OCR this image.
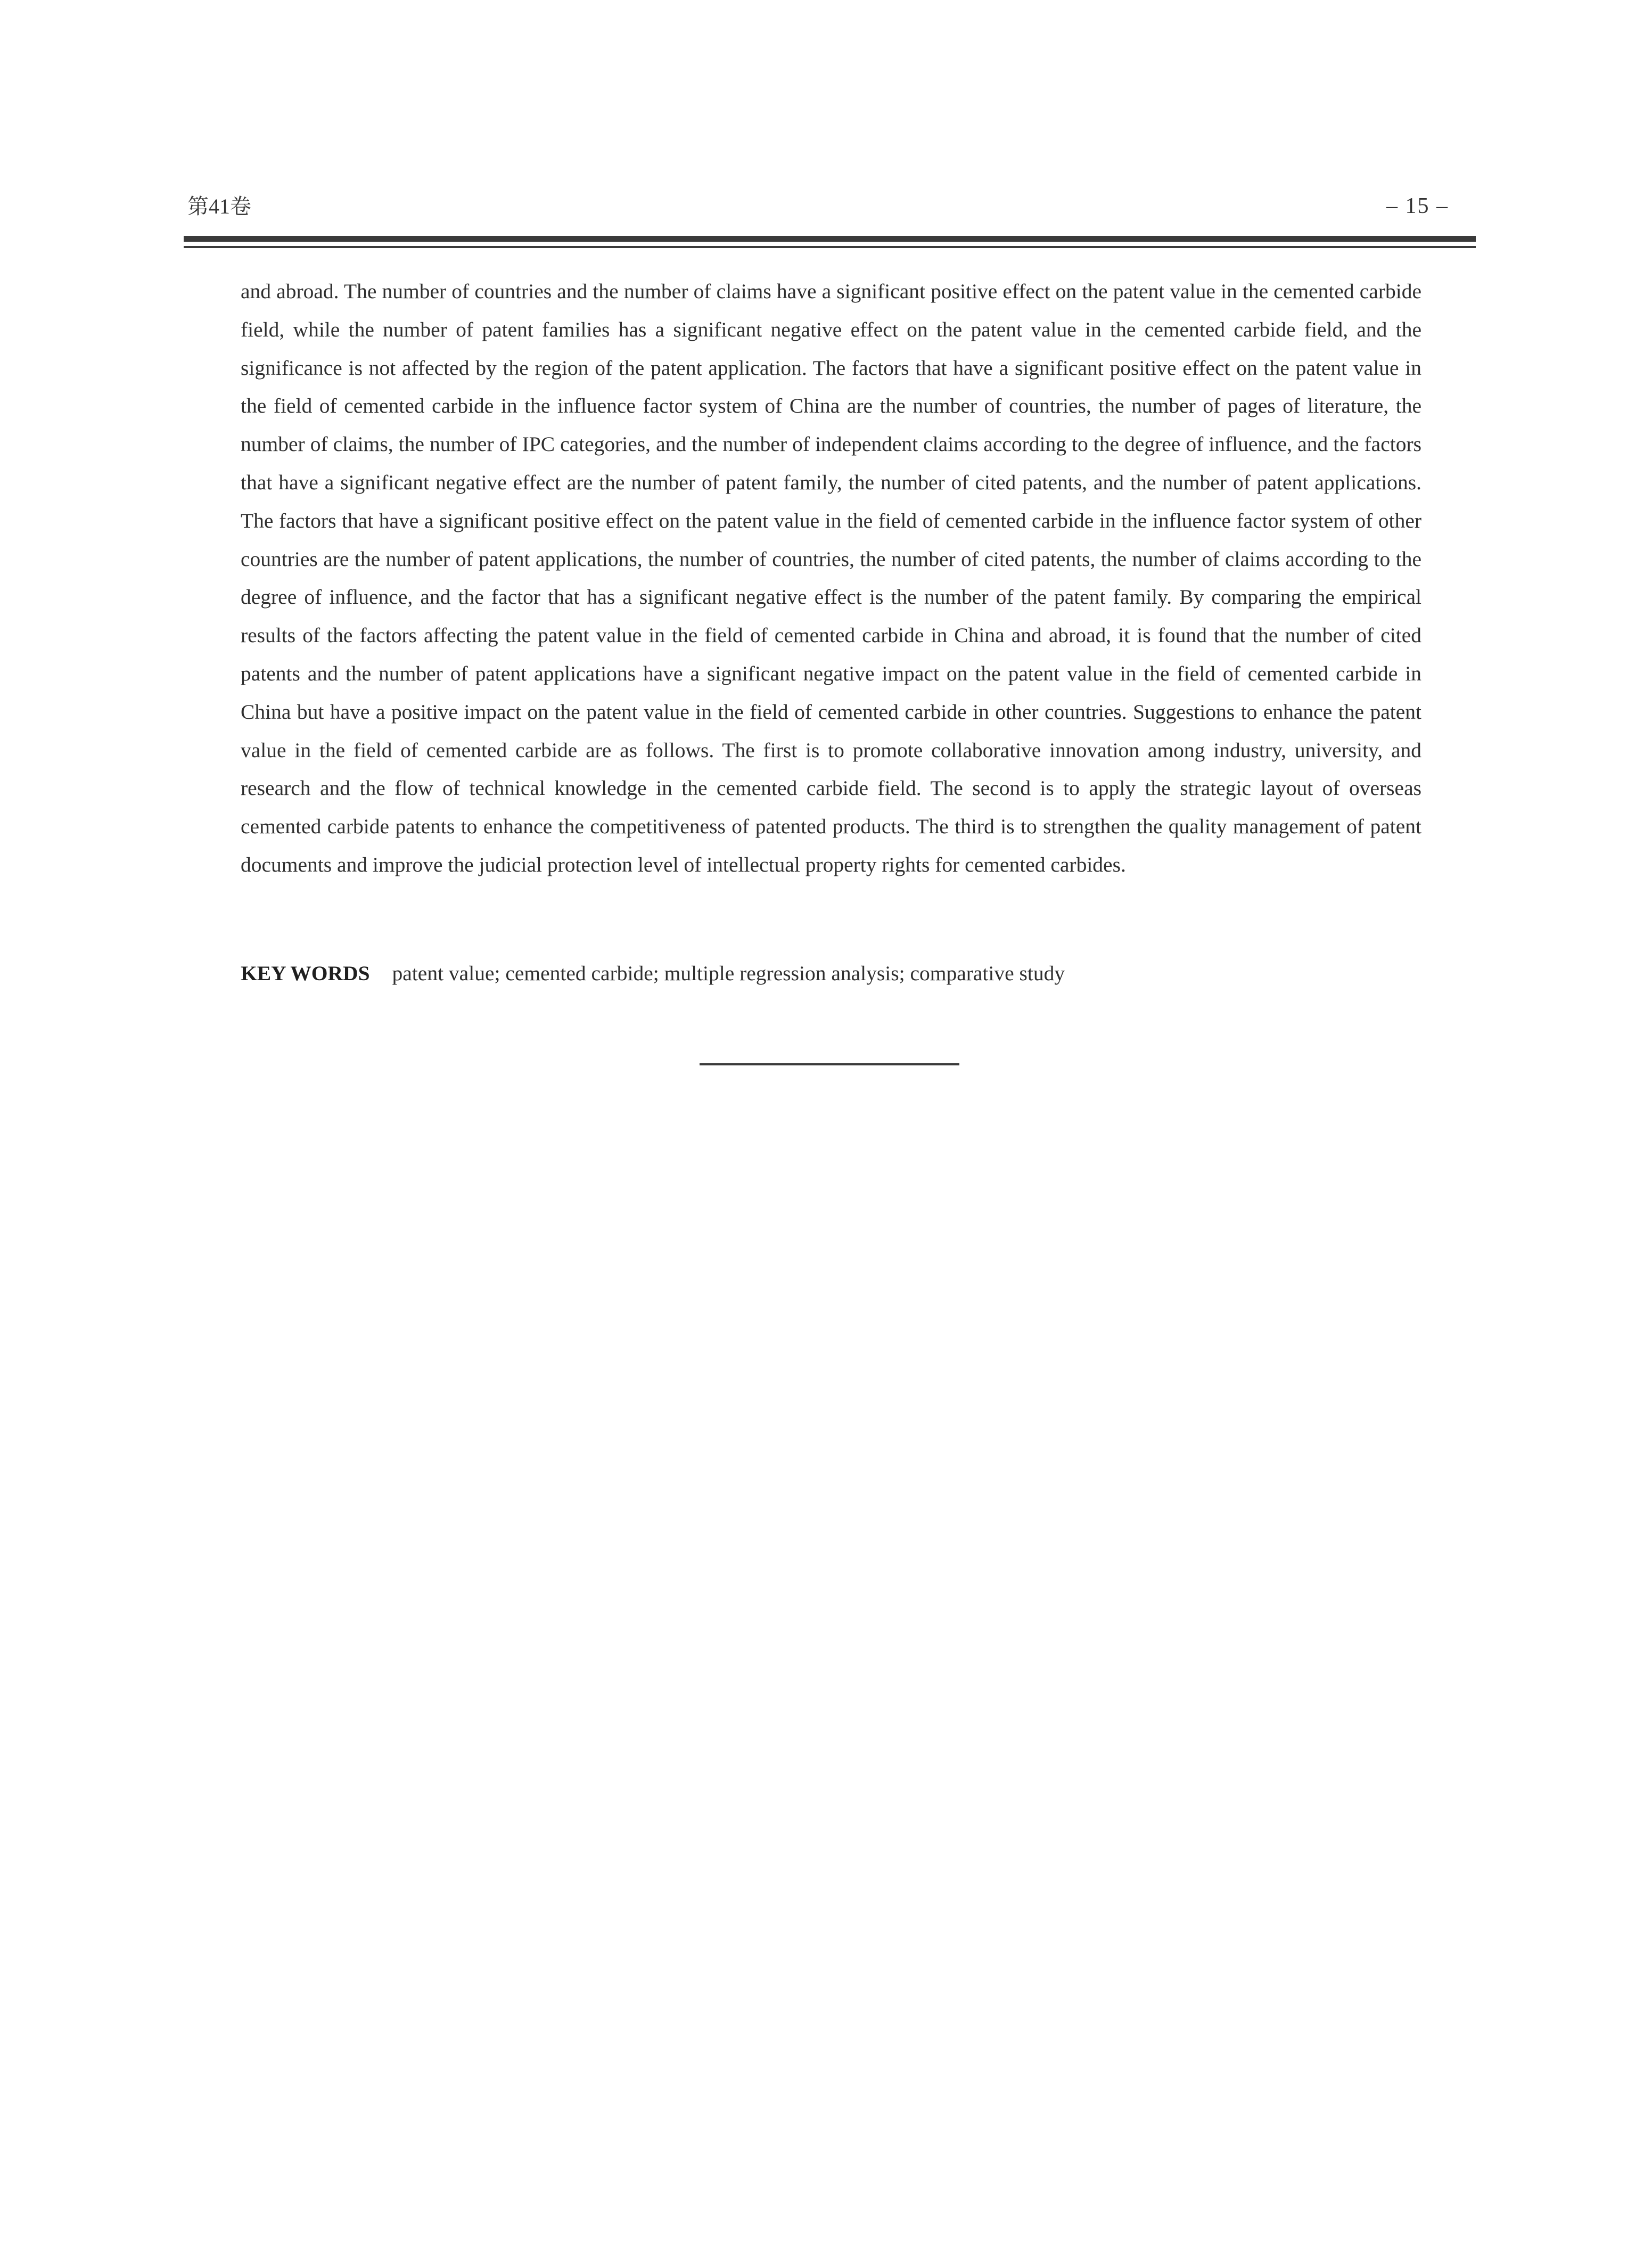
第41卷	– 15 –

and abroad. The number of countries and the number of claims have a significant positive effect on the patent value in the cemented carbide field, while the number of patent families has a significant negative effect on the patent value in the cemented carbide field, and the significance is not affected by the region of the patent application. The factors that have a significant positive effect on the patent value in the field of cemented carbide in the influence factor system of China are the number of countries, the number of pages of literature, the number of claims, the number of IPC categories, and the number of independent claims according to the degree of influence, and the factors that have a significant negative effect are the number of patent family, the number of cited patents, and the number of patent applications. The factors that have a significant positive effect on the patent value in the field of cemented carbide in the influence factor system of other countries are the number of patent applications, the number of countries, the number of cited patents, the number of claims according to the degree of influence, and the factor that has a significant negative effect is the number of the patent family. By comparing the empirical results of the factors affecting the patent value in the field of cemented carbide in China and abroad, it is found that the number of cited patents and the number of patent applications have a significant negative impact on the patent value in the field of cemented carbide in China but have a positive impact on the patent value in the field of cemented carbide in other countries. Suggestions to enhance the patent value in the field of cemented carbide are as follows. The first is to promote collaborative innovation among industry, university, and research and the flow of technical knowledge in the cemented carbide field. The second is to apply the strategic layout of overseas cemented carbide patents to enhance the competitiveness of patented products. The third is to strengthen the quality management of patent documents and improve the judicial protection level of intellectual property rights for cemented carbides.

KEY WORDS patent value; cemented carbide; multiple regression analysis; comparative study
